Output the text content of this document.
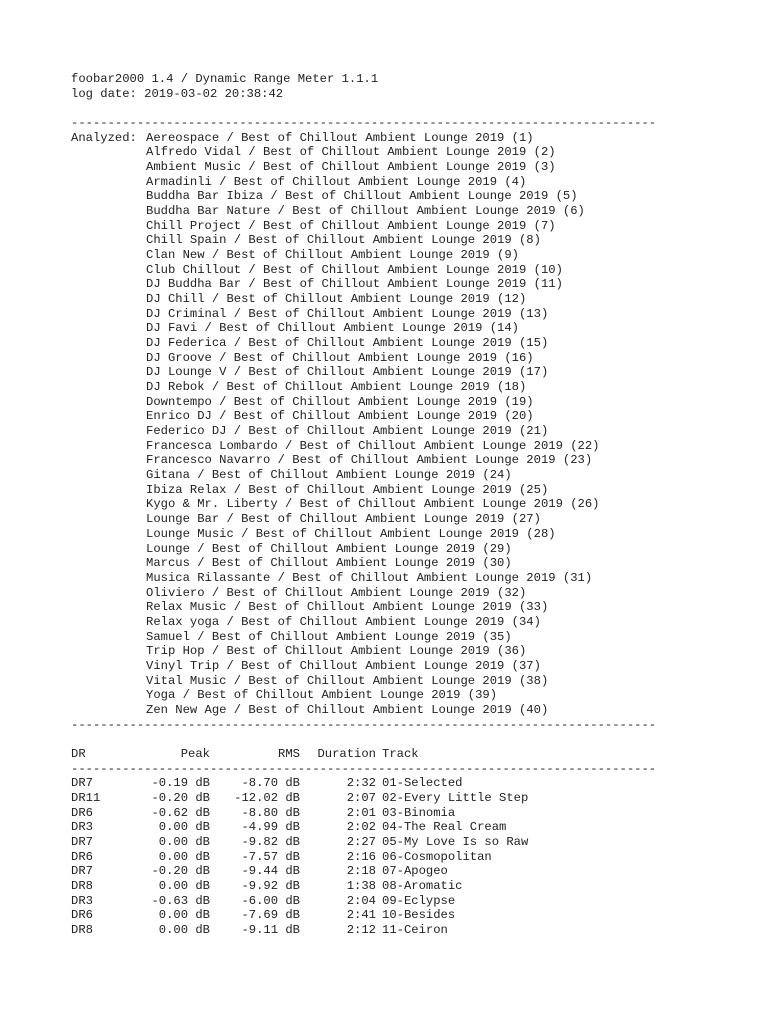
foobar2000 1.4 / Dynamic Range Meter 1.1.1
log date: 2019-03-02 20:38:42
--------------------------------------------------------------------------------
Analyzed: Aereospace / Best of Chillout Ambient Lounge 2019 (1)
Alfredo Vidal / Best of Chillout Ambient Lounge 2019 (2)
Ambient Music / Best of Chillout Ambient Lounge 2019 (3)
Armadinli / Best of Chillout Ambient Lounge 2019 (4)
Buddha Bar Ibiza / Best of Chillout Ambient Lounge 2019 (5)
Buddha Bar Nature / Best of Chillout Ambient Lounge 2019 (6)
Chill Project / Best of Chillout Ambient Lounge 2019 (7)
Chill Spain / Best of Chillout Ambient Lounge 2019 (8)
Clan New / Best of Chillout Ambient Lounge 2019 (9)
Club Chillout / Best of Chillout Ambient Lounge 2019 (10)
DJ Buddha Bar / Best of Chillout Ambient Lounge 2019 (11)
DJ Chill / Best of Chillout Ambient Lounge 2019 (12)
DJ Criminal / Best of Chillout Ambient Lounge 2019 (13)
DJ Favi / Best of Chillout Ambient Lounge 2019 (14)
DJ Federica / Best of Chillout Ambient Lounge 2019 (15)
DJ Groove / Best of Chillout Ambient Lounge 2019 (16)
DJ Lounge V / Best of Chillout Ambient Lounge 2019 (17)
DJ Rebok / Best of Chillout Ambient Lounge 2019 (18)
Downtempo / Best of Chillout Ambient Lounge 2019 (19)
Enrico DJ / Best of Chillout Ambient Lounge 2019 (20)
Federico DJ / Best of Chillout Ambient Lounge 2019 (21)
Francesca Lombardo / Best of Chillout Ambient Lounge 2019 (22)
Francesco Navarro / Best of Chillout Ambient Lounge 2019 (23)
Gitana / Best of Chillout Ambient Lounge 2019 (24)
Ibiza Relax / Best of Chillout Ambient Lounge 2019 (25)
Kygo & Mr. Liberty / Best of Chillout Ambient Lounge 2019 (26)
Lounge Bar / Best of Chillout Ambient Lounge 2019 (27)
Lounge Music / Best of Chillout Ambient Lounge 2019 (28)
Lounge / Best of Chillout Ambient Lounge 2019 (29)
Marcus / Best of Chillout Ambient Lounge 2019 (30)
Musica Rilassante / Best of Chillout Ambient Lounge 2019 (31)
Oliviero / Best of Chillout Ambient Lounge 2019 (32)
Relax Music / Best of Chillout Ambient Lounge 2019 (33)
Relax yoga / Best of Chillout Ambient Lounge 2019 (34)
Samuel / Best of Chillout Ambient Lounge 2019 (35)
Trip Hop / Best of Chillout Ambient Lounge 2019 (36)
Vinyl Trip / Best of Chillout Ambient Lounge 2019 (37)
Vital Music / Best of Chillout Ambient Lounge 2019 (38)
Yoga / Best of Chillout Ambient Lounge 2019 (39)
Zen New Age / Best of Chillout Ambient Lounge 2019 (40)
--------------------------------------------------------------------------------
DR	Peak	RMS	Duration Track
--------------------------------------------------------------------------------
DR7	-0.19 dB	-8.70 dB	2:32 01-Selected
DR11	-0.20 dB	-12.02 dB	2:07 02-Every Little Step
DR6	-0.62 dB	-8.80 dB	2:01 03-Binomia
DR3	0.00 dB	-4.99 dB	2:02 04-The Real Cream
DR7	0.00 dB	-9.82 dB	2:27 05-My Love Is so Raw
DR6	0.00 dB	-7.57 dB	2:16 06-Cosmopolitan
DR7	-0.20 dB	-9.44 dB	2:18 07-Apogeo
DR8	0.00 dB	-9.92 dB	1:38 08-Aromatic
DR3	-0.63 dB	-6.00 dB	2:04 09-Eclypse
DR6	0.00 dB	-7.69 dB	2:41 10-Besides
DR8	0.00 dB	-9.11 dB	2:12 11-Ceiron
